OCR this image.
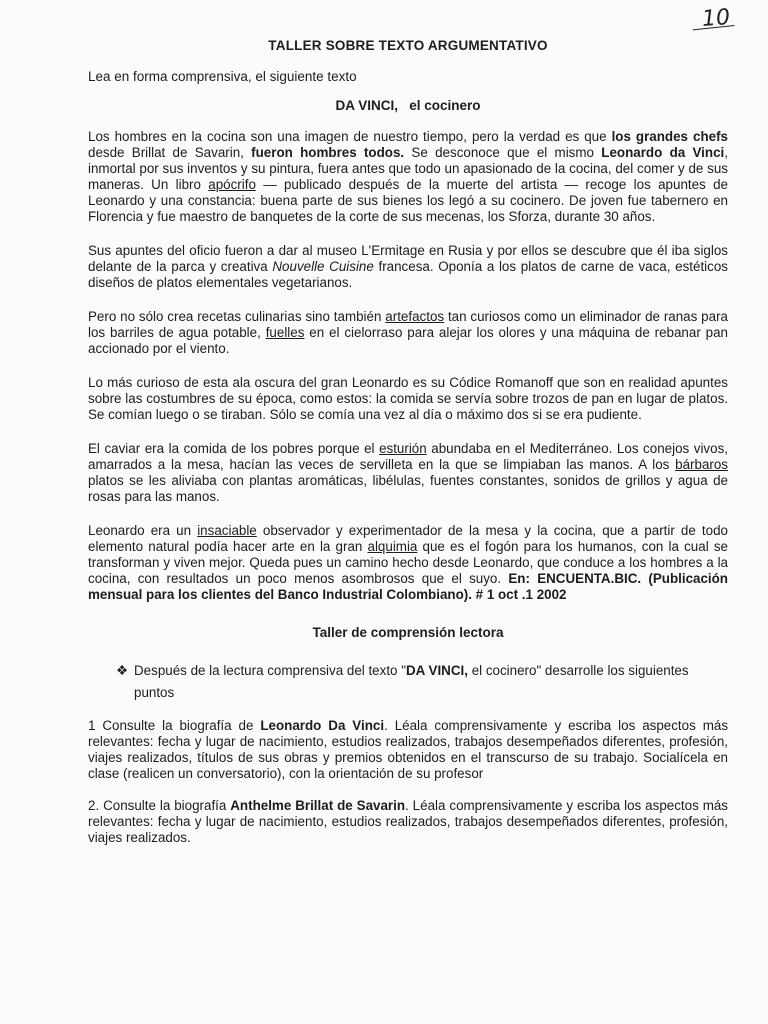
10
TALLER SOBRE TEXTO ARGUMENTATIVO
Lea en forma comprensiva, el siguiente texto
DA VINCI,   el cocinero

Los hombres en la cocina son una imagen de nuestro tiempo, pero la verdad es que los grandes chefs desde Brillat de Savarin, fueron hombres todos. Se desconoce que el mismo Leonardo da Vinci, inmortal por sus inventos y su pintura, fuera antes que todo un apasionado de la cocina, del comer y de sus maneras. Un libro apócrifo — publicado después de la muerte del artista — recoge los apuntes de Leonardo y una constancia: buena parte de sus bienes los legó a su cocinero. De joven fue tabernero en Florencia y fue maestro de banquetes de la corte de sus mecenas, los Sforza, durante 30 años.

Sus apuntes del oficio fueron a dar al museo L'Ermitage en Rusia y por ellos se descubre que él iba siglos delante de la parca y creativa Nouvelle Cuisine francesa. Oponía a los platos de carne de vaca, estéticos diseños de platos elementales vegetarianos.

Pero no sólo crea recetas culinarias sino también artefactos tan curiosos como un eliminador de ranas para los barriles de agua potable, fuelles en el cielorraso para alejar los olores y una máquina de rebanar pan accionado por el viento.

Lo más curioso de esta ala oscura del gran Leonardo es su Códice Romanoff que son en realidad apuntes sobre las costumbres de su época, como estos: la comida se servía sobre trozos de pan en lugar de platos. Se comían luego o se tiraban. Sólo se comía una vez al día o máximo dos si se era pudiente.

El caviar era la comida de los pobres porque el esturión abundaba en el Mediterráneo. Los conejos vivos, amarrados a la mesa, hacían las veces de servilleta en la que se limpiaban las manos. A los bárbaros platos se les aliviaba con plantas aromáticas, libélulas, fuentes constantes, sonidos de grillos y agua de rosas para las manos.

Leonardo era un insaciable observador y experimentador de la mesa y la cocina, que a partir de todo elemento natural podía hacer arte en la gran alquimia que es el fogón para los humanos, con la cual se transforman y viven mejor. Queda pues un camino hecho desde Leonardo, que conduce a los hombres a la cocina, con resultados un poco menos asombrosos que el suyo. En: ENCUENTA.BIC. (Publicación mensual para los clientes del Banco Industrial Colombiano). # 1 oct .1 2002

Taller de comprensión lectora
❖ Después de la lectura comprensiva del texto "DA VINCI, el cocinero" desarrolle los siguientes puntos

1 Consulte la biografía de Leonardo Da Vinci. Léala comprensivamente y escriba los aspectos más relevantes: fecha y lugar de nacimiento, estudios realizados, trabajos desempeñados diferentes, profesión, viajes realizados, títulos de sus obras y premios obtenidos en el transcurso de su trabajo. Socialícela en clase (realicen un conversatorio), con la orientación de su profesor

2. Consulte la biografía Anthelme Brillat de Savarin. Léala comprensivamente y escriba los aspectos más relevantes: fecha y lugar de nacimiento, estudios realizados, trabajos desempeñados diferentes, profesión, viajes realizados.
